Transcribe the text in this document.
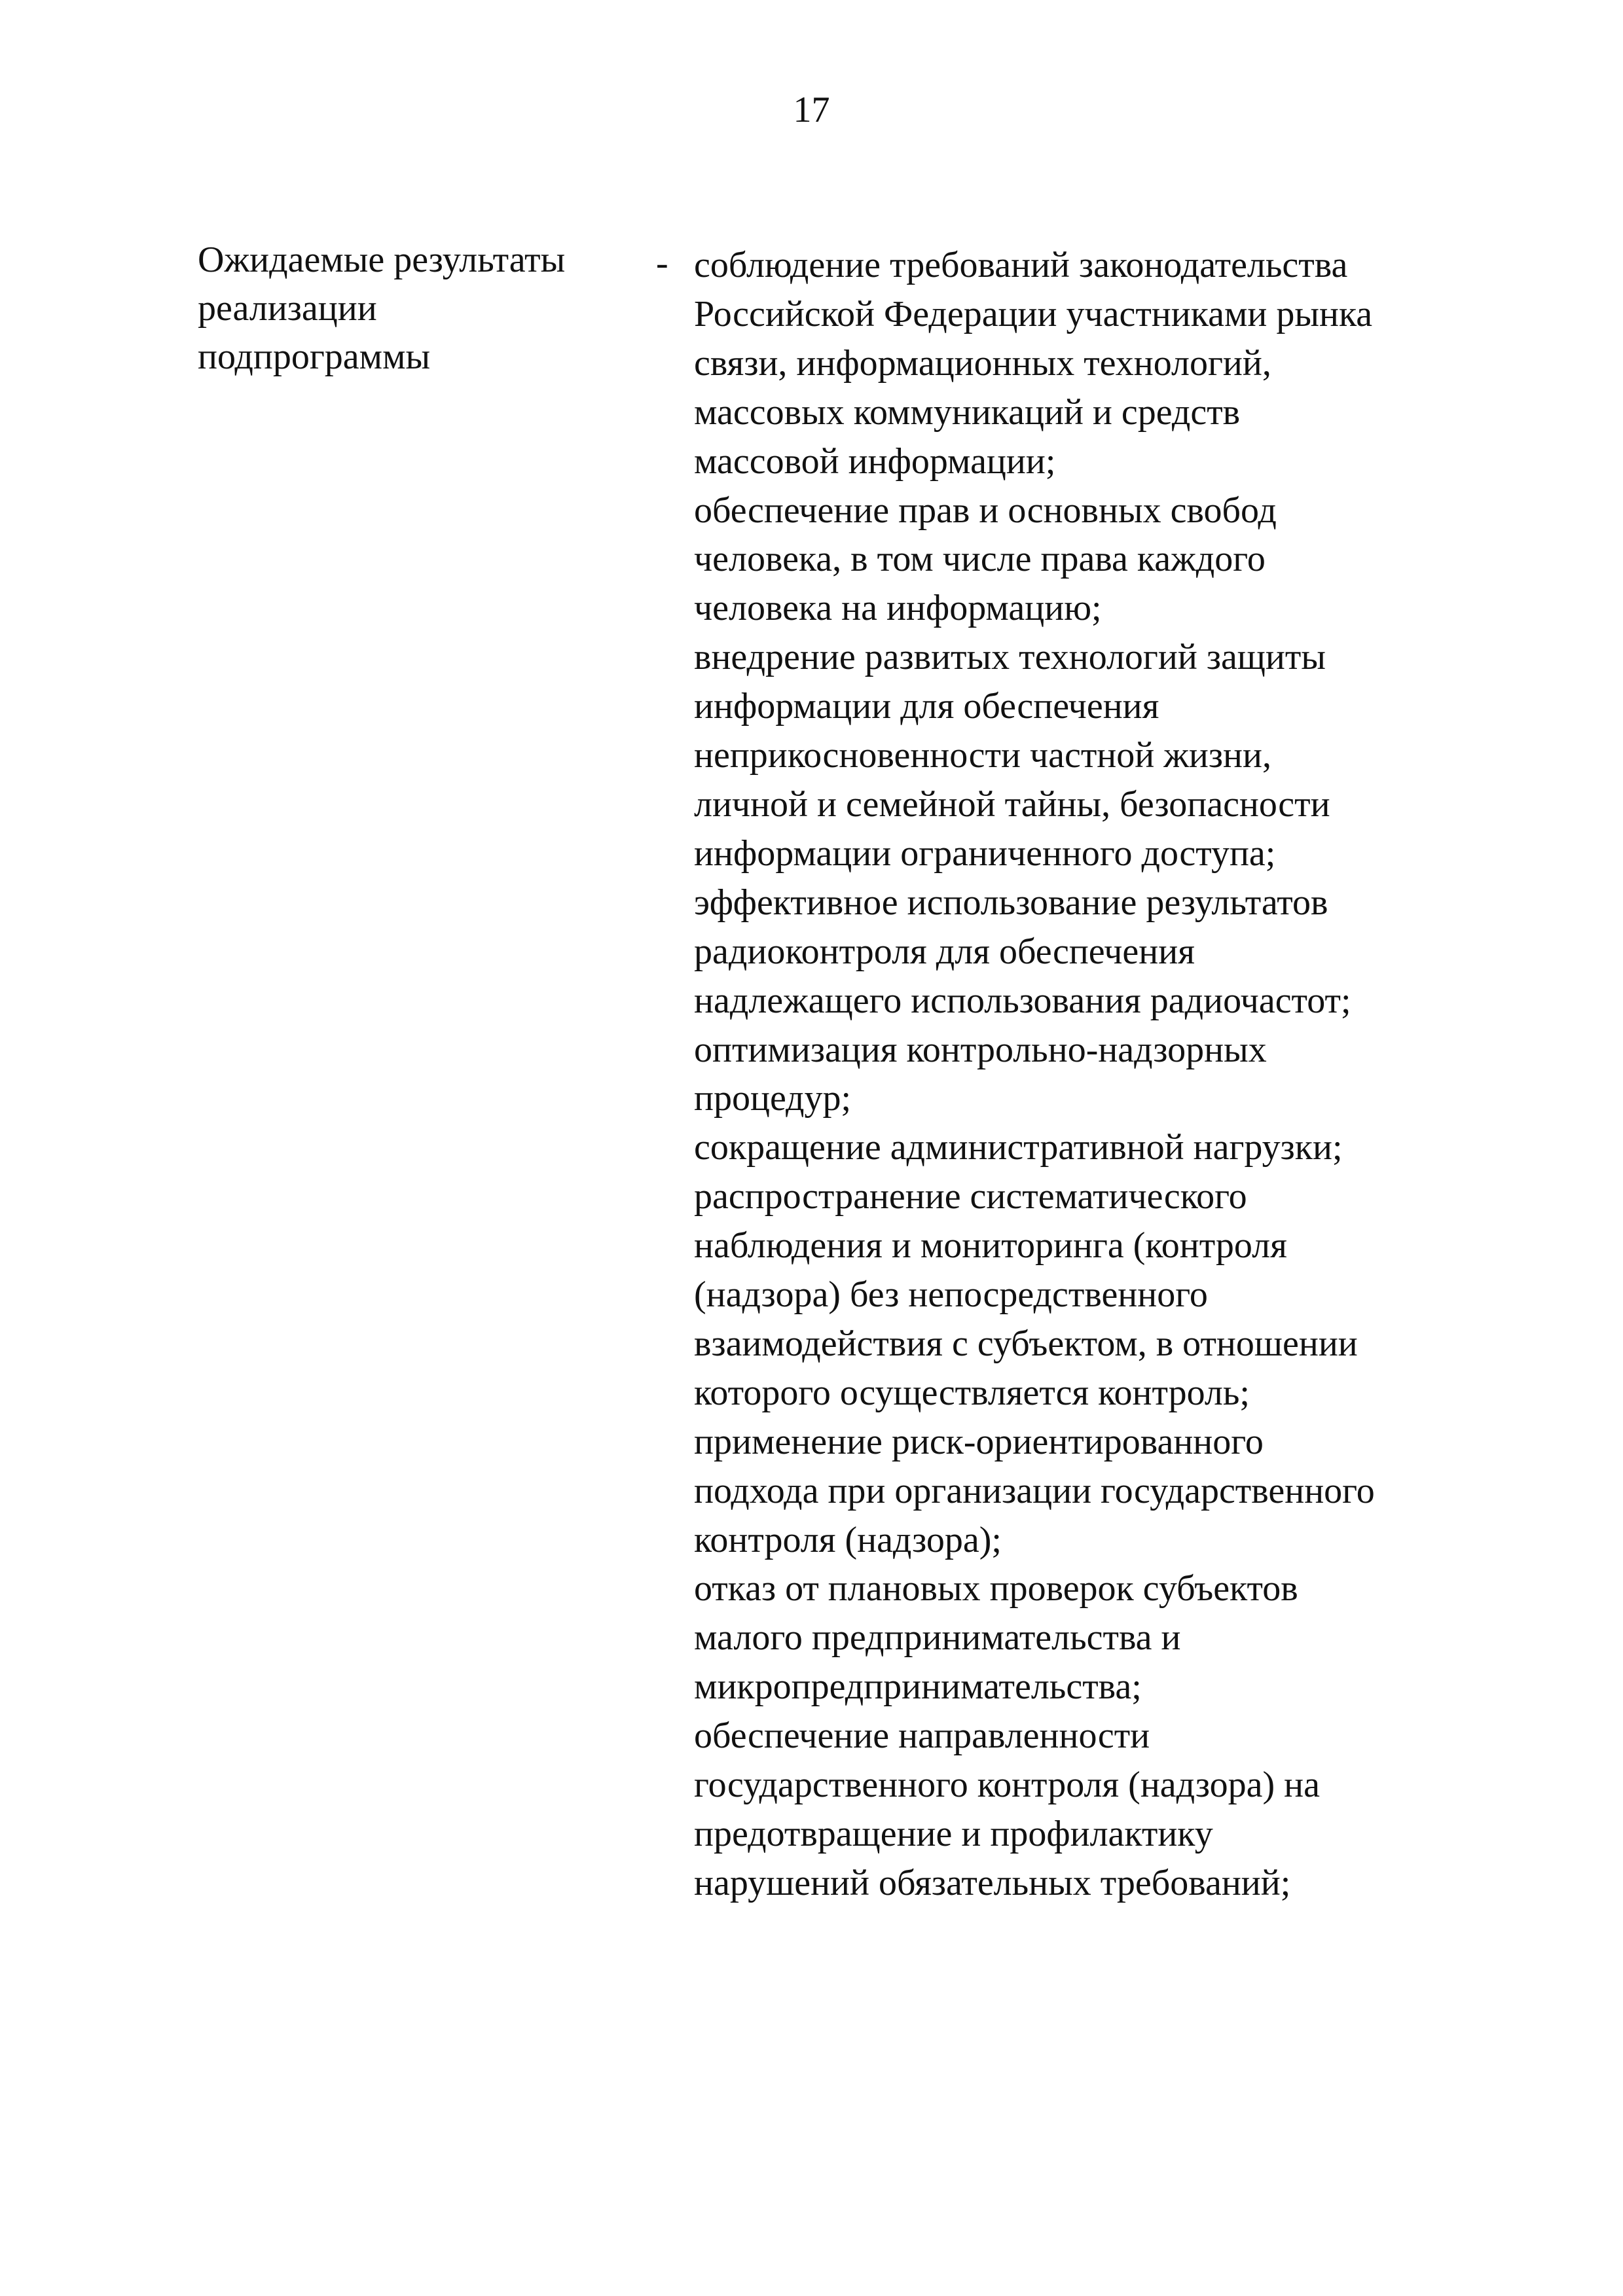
17
Ожидаемые результаты
реализации
подпрограммы
- соблюдение требований законодательства
Российской Федерации участниками рынка
связи, информационных технологий,
массовых коммуникаций и средств
массовой информации;
обеспечение прав и основных свобод
человека, в том числе права каждого
человека на информацию;
внедрение развитых технологий защиты
информации для обеспечения
неприкосновенности частной жизни,
личной и семейной тайны, безопасности
информации ограниченного доступа;
эффективное использование результатов
радиоконтроля для обеспечения
надлежащего использования радиочастот;
оптимизация контрольно-надзорных
процедур;
сокращение административной нагрузки;
распространение систематического
наблюдения и мониторинга (контроля
(надзора) без непосредственного
взаимодействия с субъектом, в отношении
которого осуществляется контроль;
применение риск-ориентированного
подхода при организации государственного
контроля (надзора);
отказ от плановых проверок субъектов
малого предпринимательства и
микропредпринимательства;
обеспечение направленности
государственного контроля (надзора) на
предотвращение и профилактику
нарушений обязательных требований;
